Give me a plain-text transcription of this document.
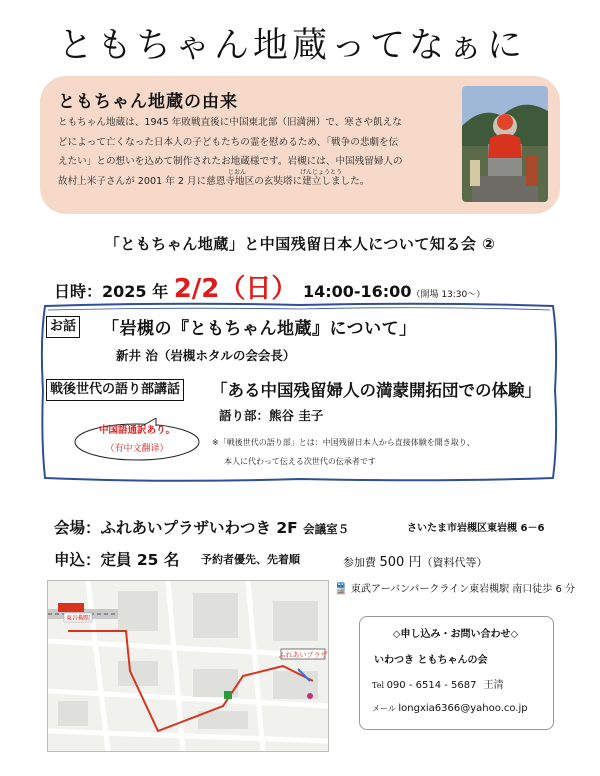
ともちゃん地蔵ってなぁに
ともちゃん地蔵の由来
ともちゃん地蔵は、1945 年敗戦直後に中国東北部（旧満洲）で、寒さや飢えな
どによって亡くなった日本人の子どもたちの霊を慰めるため、「戦争の悲劇を伝
えたい」との想いを込めて制作されたお地蔵様です。岩槻には、中国残留婦人の
故村上米子さんが 2001 年 2 月に慈恩寺地区の玄奘塔に建立しました。
じおん	げんじょうとう
「ともちゃん地蔵」と中国残留日本人について知る会 ②
日時：2025 年 2/2（日） 14:00-16:00（開場 13:30～）
お話 「岩槻の『ともちゃん地蔵』について」
新井 治（岩槻ホタルの会会長）
戦後世代の語り部講話 「ある中国残留婦人の満蒙開拓団での体験」
語り部：熊谷 圭子
中国語通訳あり。
（有中文翻译）
※「戦後世代の語り部」とは：中国残留日本人から直接体験を聞き取り、
本人に代わって伝える次世代の伝承者です
会場：ふれあいプラザいわつき 2F 会議室５	さいたま市岩槻区東岩槻 6－6
申込：定員 25 名 予約者優先、先着順	参加費 500 円（資料代等）
🚆 東武アーバンパークライン東岩槻駅 南口徒歩 6 分
東岩槻駅
ふれあいプラザ
◇申し込み・お問い合わせ◇
いわつき ともちゃんの会
Tel 090 - 6514 - 5687 王清
メール longxia6366@yahoo.co.jp
